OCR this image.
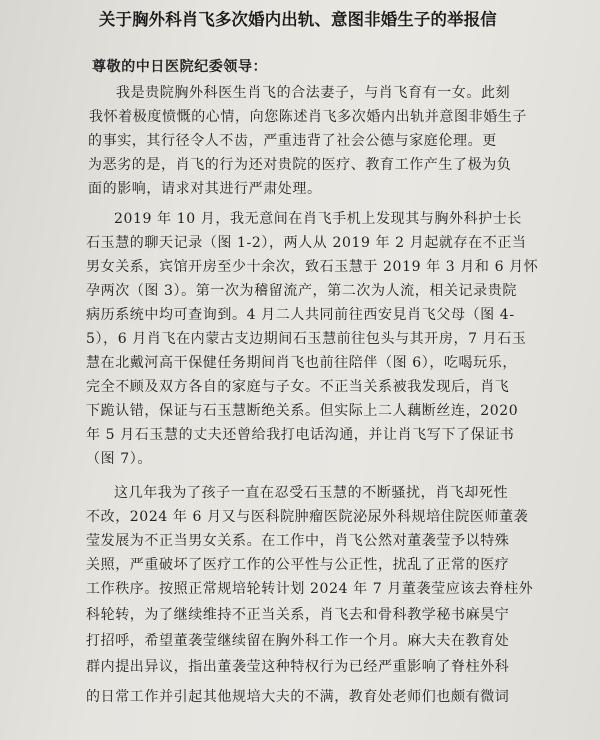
关于胸外科肖飞多次婚内出轨、意图非婚生子的举报信
尊敬的中日医院纪委领导：
我是贵院胸外科医生肖飞的合法妻子，与肖飞育有一女。此刻
我怀着极度愤慨的心情，向您陈述肖飞多次婚内出轨并意图非婚生子
的事实，其行径令人不齿，严重违背了社会公德与家庭伦理。更
为恶劣的是，肖飞的行为还对贵院的医疗、教育工作产生了极为负
面的影响，请求对其进行严肃处理。
2019 年 10 月，我无意间在肖飞手机上发现其与胸外科护士长
石玉慧的聊天记录（图 1-2），两人从 2019 年 2 月起就存在不正当
男女关系，宾馆开房至少十余次，致石玉慧于 2019 年 3 月和 6 月怀
孕两次（图 3）。第一次为稽留流产，第二次为人流，相关记录贵院
病历系统中均可查询到。4 月二人共同前往西安見肖飞父母（图 4-
5），6 月肖飞在内蒙古支边期间石玉慧前往包头与其开房，7 月石玉
慧在北戴河高干保健任务期间肖飞也前往陪伴（图 6），吃喝玩乐，
完全不顾及双方各自的家庭与子女。不正当关系被我发现后，肖飞
下跪认错，保证与石玉慧断绝关系。但实际上二人藕断丝连，2020
年 5 月石玉慧的丈夫还曾给我打电话沟通，并让肖飞写下了保证书
（图 7）。
这几年我为了孩子一直在忍受石玉慧的不断骚扰，肖飞却死性
不改，2024 年 6 月又与医科院肿瘤医院泌尿外科规培住院医师董袭
莹发展为不正当男女关系。在工作中，肖飞公然对董袭莹予以特殊
关照，严重破坏了医疗工作的公平性与公正性，扰乱了正常的医疗
工作秩序。按照正常规培轮转计划 2024 年 7 月董袭莹应该去脊柱外
科轮转，为了继续维持不正当关系，肖飞去和骨科教学秘书麻昊宁
打招呼，希望董袭莹继续留在胸外科工作一个月。麻大夫在教育处
群内提出异议，指出董袭莹这种特权行为已经严重影响了脊柱外科
的日常工作并引起其他规培大夫的不满，教育处老师们也颇有微词
